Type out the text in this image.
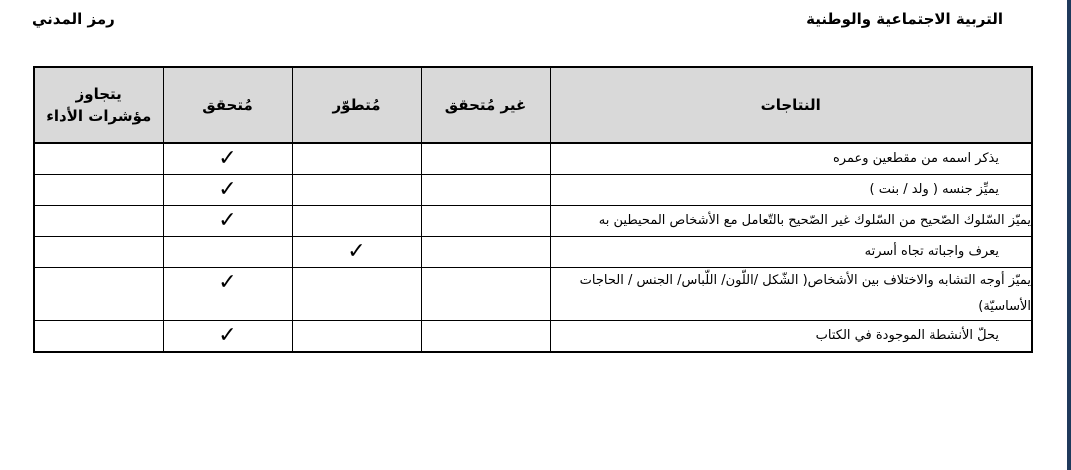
التربية الاجتماعية والوطنية
رمز المدني
النتاجات	غير مُتحقق	مُتطوّر	مُتحقق	يتجاوز
مؤشرات الأداء

يذكر اسمه من مقطعين وعمره			✓	
يميِّز جنسه ( ولد / بنت )			✓	
يميّز السّلوك الصّحيح من السّلوك غير الصّحيح بالتّعامل مع الأشخاص المحيطين به			✓	
يعرف واجباته تجاه أسرته		✓		
يميّز أوجه التشابه والاختلاف بين الأشخاص( الشّكل /اللّون/ اللّباس/ الجنس / الحاجات الأساسيّة)			✓	
يحلّ الأنشطة الموجودة في الكتاب			✓	
